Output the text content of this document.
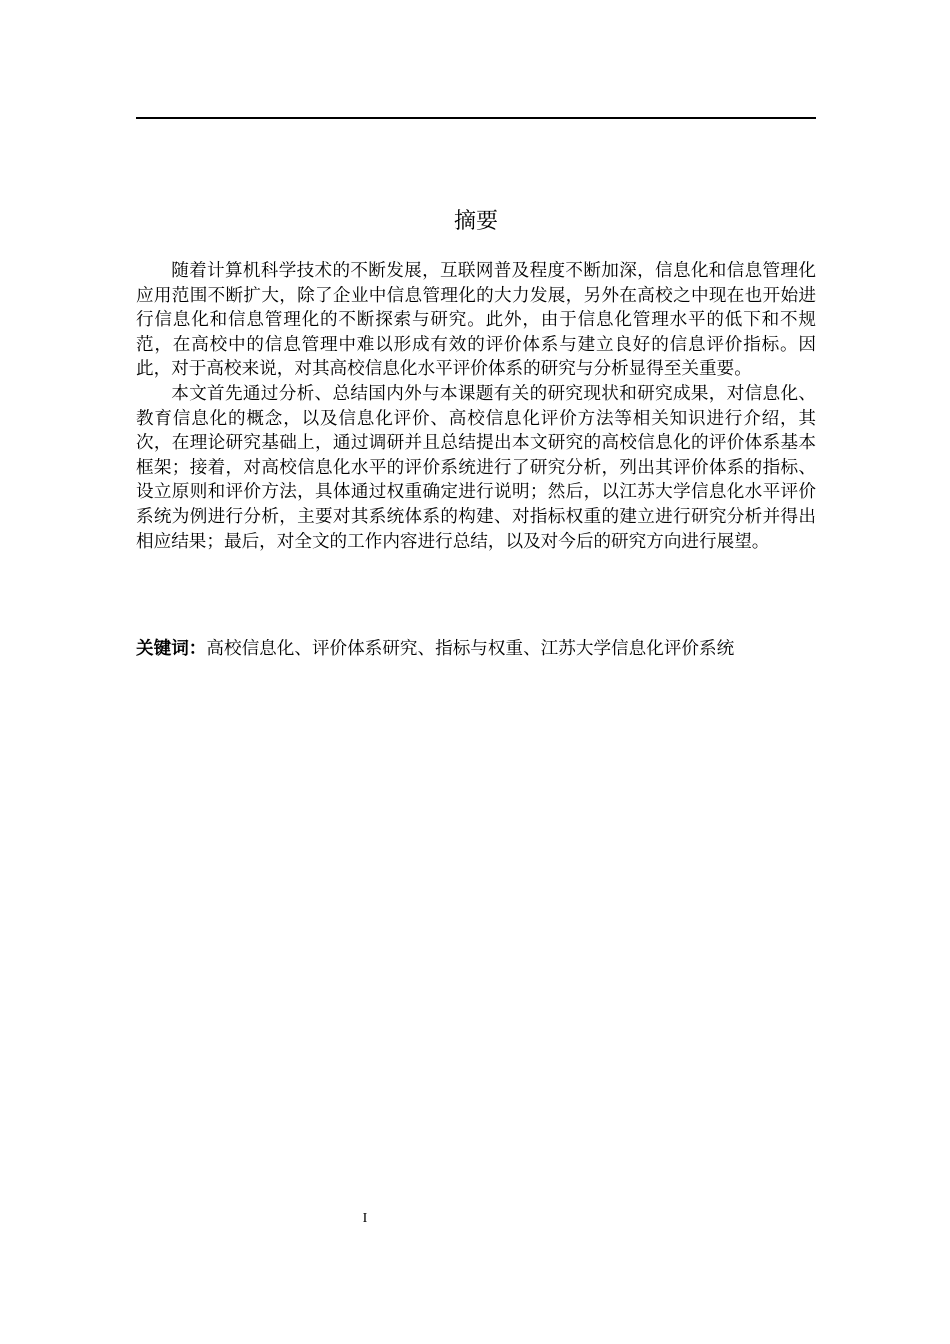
摘要

随着计算机科学技术的不断发展，互联网普及程度不断加深，信息化和信息管理化应用范围不断扩大，除了企业中信息管理化的大力发展，另外在高校之中现在也开始进行信息化和信息管理化的不断探索与研究。此外，由于信息化管理水平的低下和不规范，在高校中的信息管理中难以形成有效的评价体系与建立良好的信息评价指标。因此，对于高校来说，对其高校信息化水平评价体系的研究与分析显得至关重要。

本文首先通过分析、总结国内外与本课题有关的研究现状和研究成果，对信息化、教育信息化的概念，以及信息化评价、高校信息化评价方法等相关知识进行介绍，其次，在理论研究基础上，通过调研并且总结提出本文研究的高校信息化的评价体系基本框架；接着，对高校信息化水平的评价系统进行了研究分析，列出其评价体系的指标、设立原则和评价方法，具体通过权重确定进行说明；然后，以江苏大学信息化水平评价系统为例进行分析，主要对其系统体系的构建、对指标权重的建立进行研究分析并得出相应结果；最后，对全文的工作内容进行总结，以及对今后的研究方向进行展望。

关键词：高校信息化、评价体系研究、指标与权重、江苏大学信息化评价系统
I
